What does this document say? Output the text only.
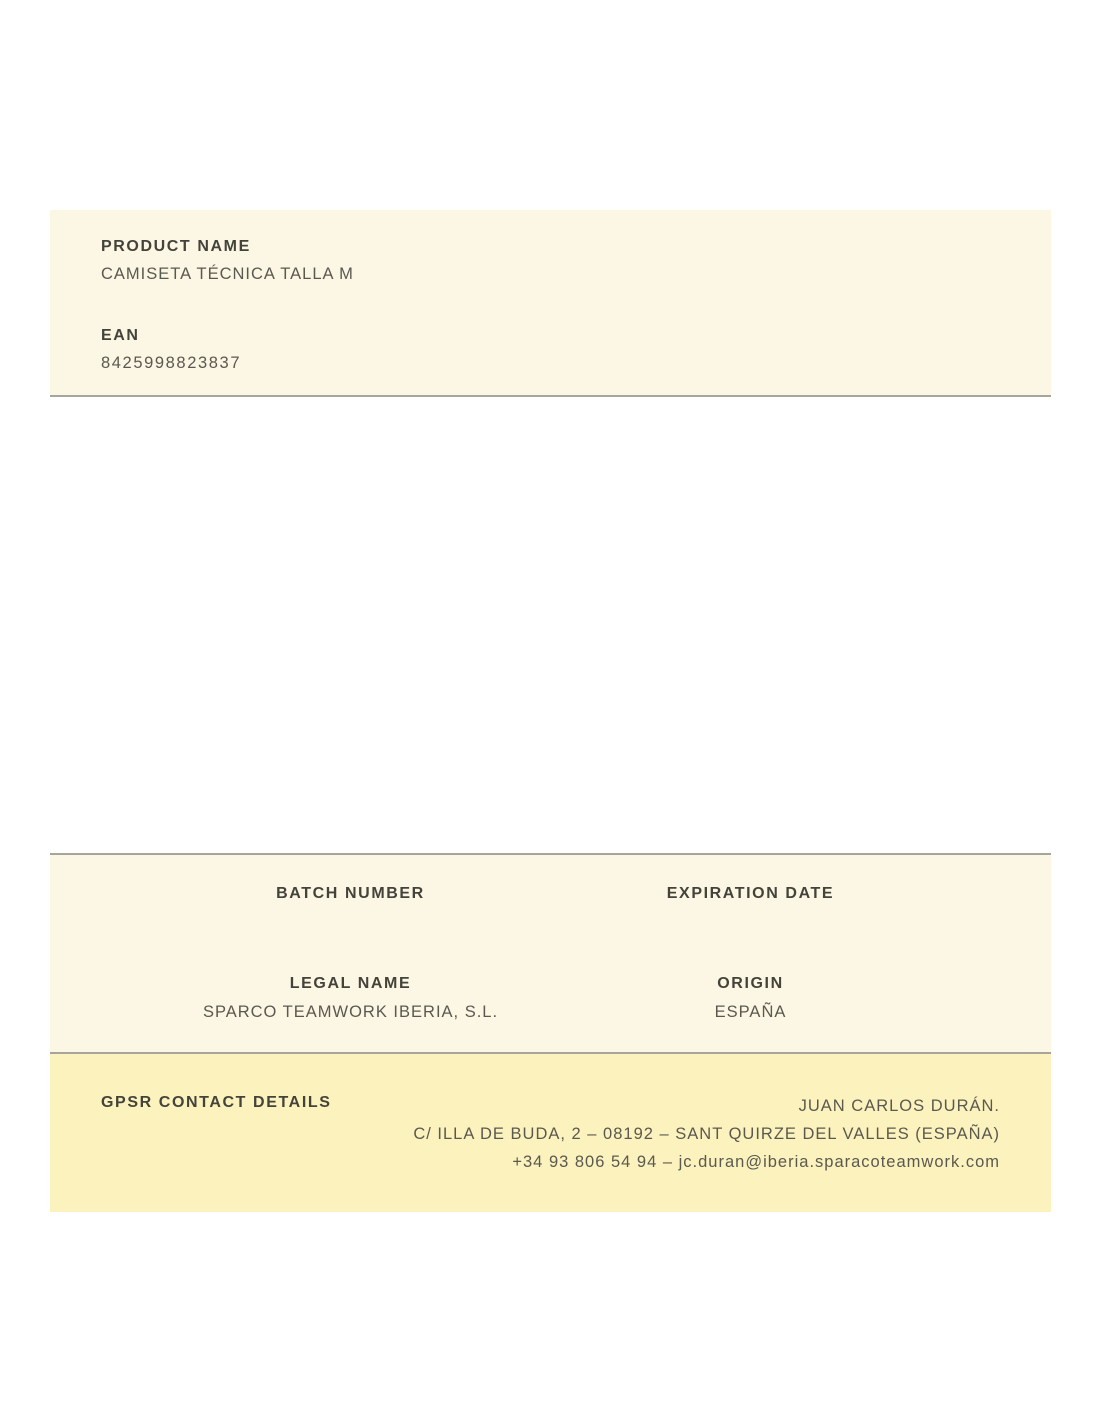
PRODUCT NAME
CAMISETA TÉCNICA TALLA M
EAN
8425998823837
BATCH NUMBER	EXPIRATION DATE
LEGAL NAME	ORIGIN
SPARCO TEAMWORK IBERIA, S.L.	ESPAÑA
GPSR CONTACT DETAILS	JUAN CARLOS DURÁN.
C/ ILLA DE BUDA, 2 – 08192 – SANT QUIRZE DEL VALLES (ESPAÑA)
+34 93 806 54 94 – jc.duran@iberia.sparacoteamwork.com
